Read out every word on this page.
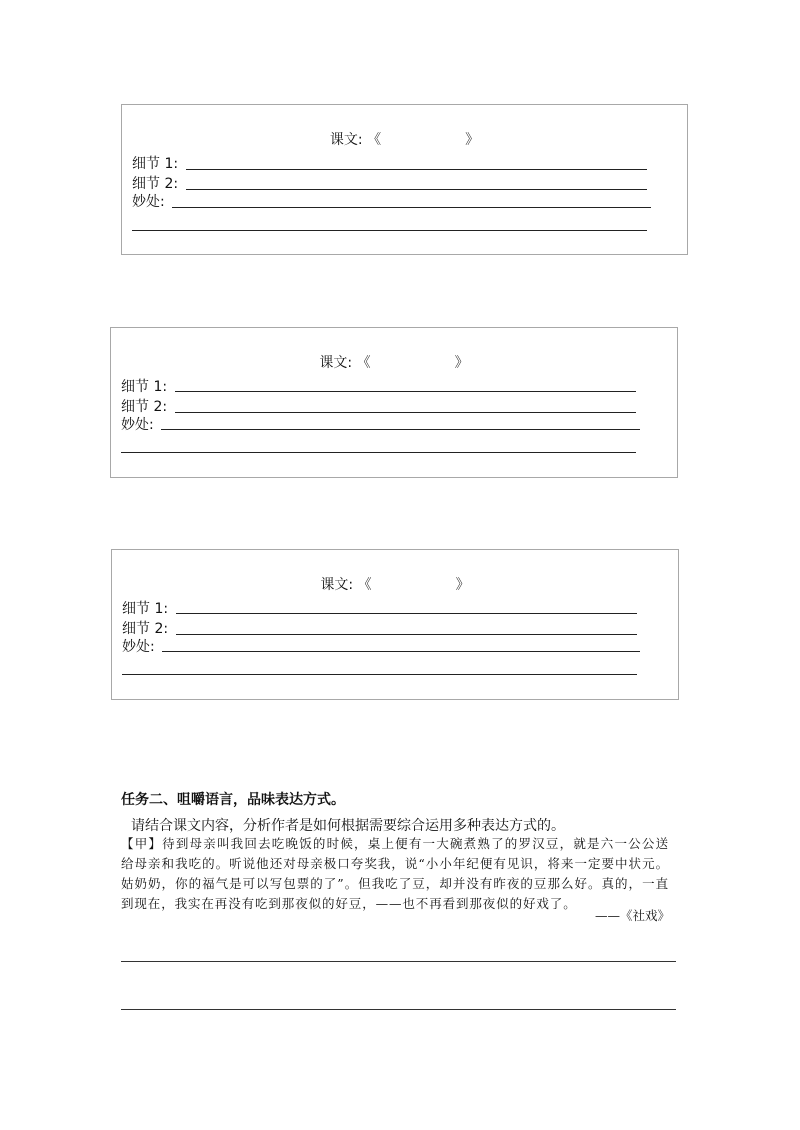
课文: 《	》
细节 1:
细节 2:
妙处:
课文: 《	》
细节 1:
细节 2:
妙处:
课文: 《	》
细节 1:
细节 2:
妙处:
任务二、咀嚼语言，品味表达方式。
请结合课文内容，分析作者是如何根据需要综合运用多种表达方式的。
【甲】待到母亲叫我回去吃晚饭的时候，桌上便有一大碗煮熟了的罗汉豆，就是六一公公送给母亲和我吃的。听说他还对母亲极口夸奖我，说“小小年纪便有见识，将来一定要中状元。姑奶奶，你的福气是可以写包票的了”。但我吃了豆，却并没有昨夜的豆那么好。真的，一直到现在，我实在再没有吃到那夜似的好豆，——也不再看到那夜似的好戏了。
——《社戏》
